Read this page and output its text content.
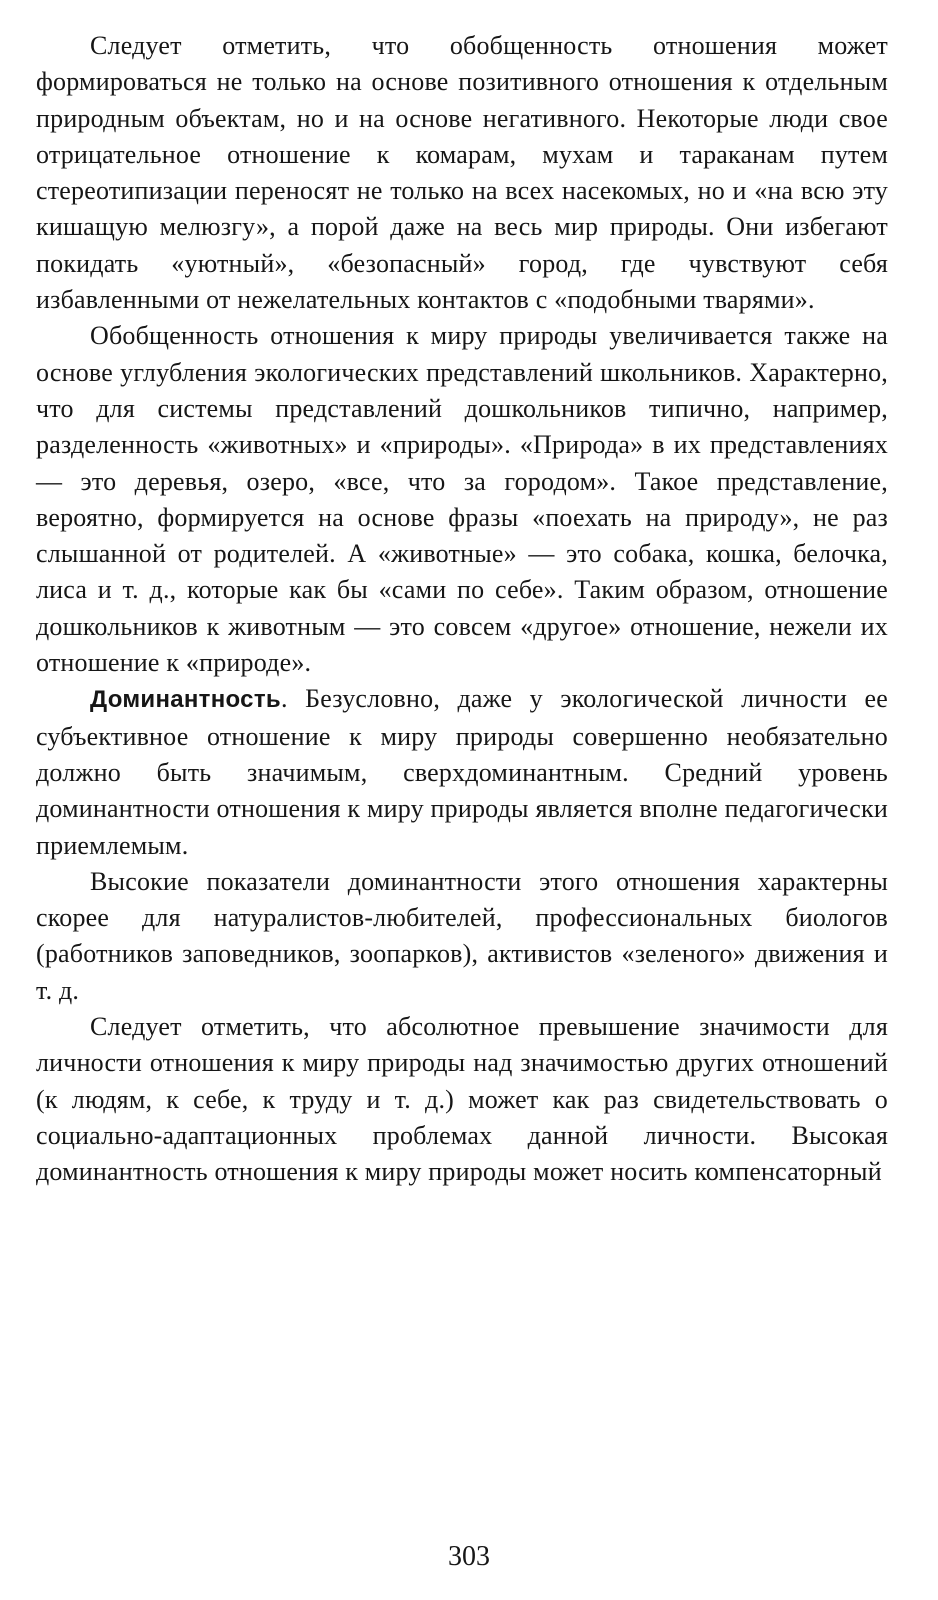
Следует отметить, что обобщенность отношения может формироваться не только на основе позитивного отношения к отдельным природным объектам, но и на основе негативного. Некоторые люди свое отрицательное отношение к комарам, мухам и тараканам путем стереотипизации переносят не только на всех насекомых, но и «на всю эту кишащую мелюзгу», а порой даже на весь мир природы. Они избегают покидать «уютный», «безопасный» город, где чувствуют себя избавленными от нежелательных контактов с «подобными тварями».

Обобщенность отношения к миру природы увеличивается также на основе углубления экологических представлений школьников. Характерно, что для системы представлений дошкольников типично, например, разделенность «животных» и «природы». «Природа» в их представлениях — это деревья, озеро, «все, что за городом». Такое представление, вероятно, формируется на основе фразы «поехать на природу», не раз слышанной от родителей. А «животные» — это собака, кошка, белочка, лиса и т. д., которые как бы «сами по себе». Таким образом, отношение дошкольников к животным — это совсем «другое» отношение, нежели их отношение к «природе».

Доминантность. Безусловно, даже у экологической личности ее субъективное отношение к миру природы совершенно необязательно должно быть значимым, сверхдоминантным. Средний уровень доминантности отношения к миру природы является вполне педагогически приемлемым.

Высокие показатели доминантности этого отношения характерны скорее для натуралистов-любителей, профессиональных биологов (работников заповедников, зоопарков), активистов «зеленого» движения и т. д.

Следует отметить, что абсолютное превышение значимости для личности отношения к миру природы над значимостью других отношений (к людям, к себе, к труду и т. д.) может как раз свидетельствовать о социально-адаптационных проблемах данной личности. Высокая доминантность отношения к миру природы может носить компенсаторный

303
